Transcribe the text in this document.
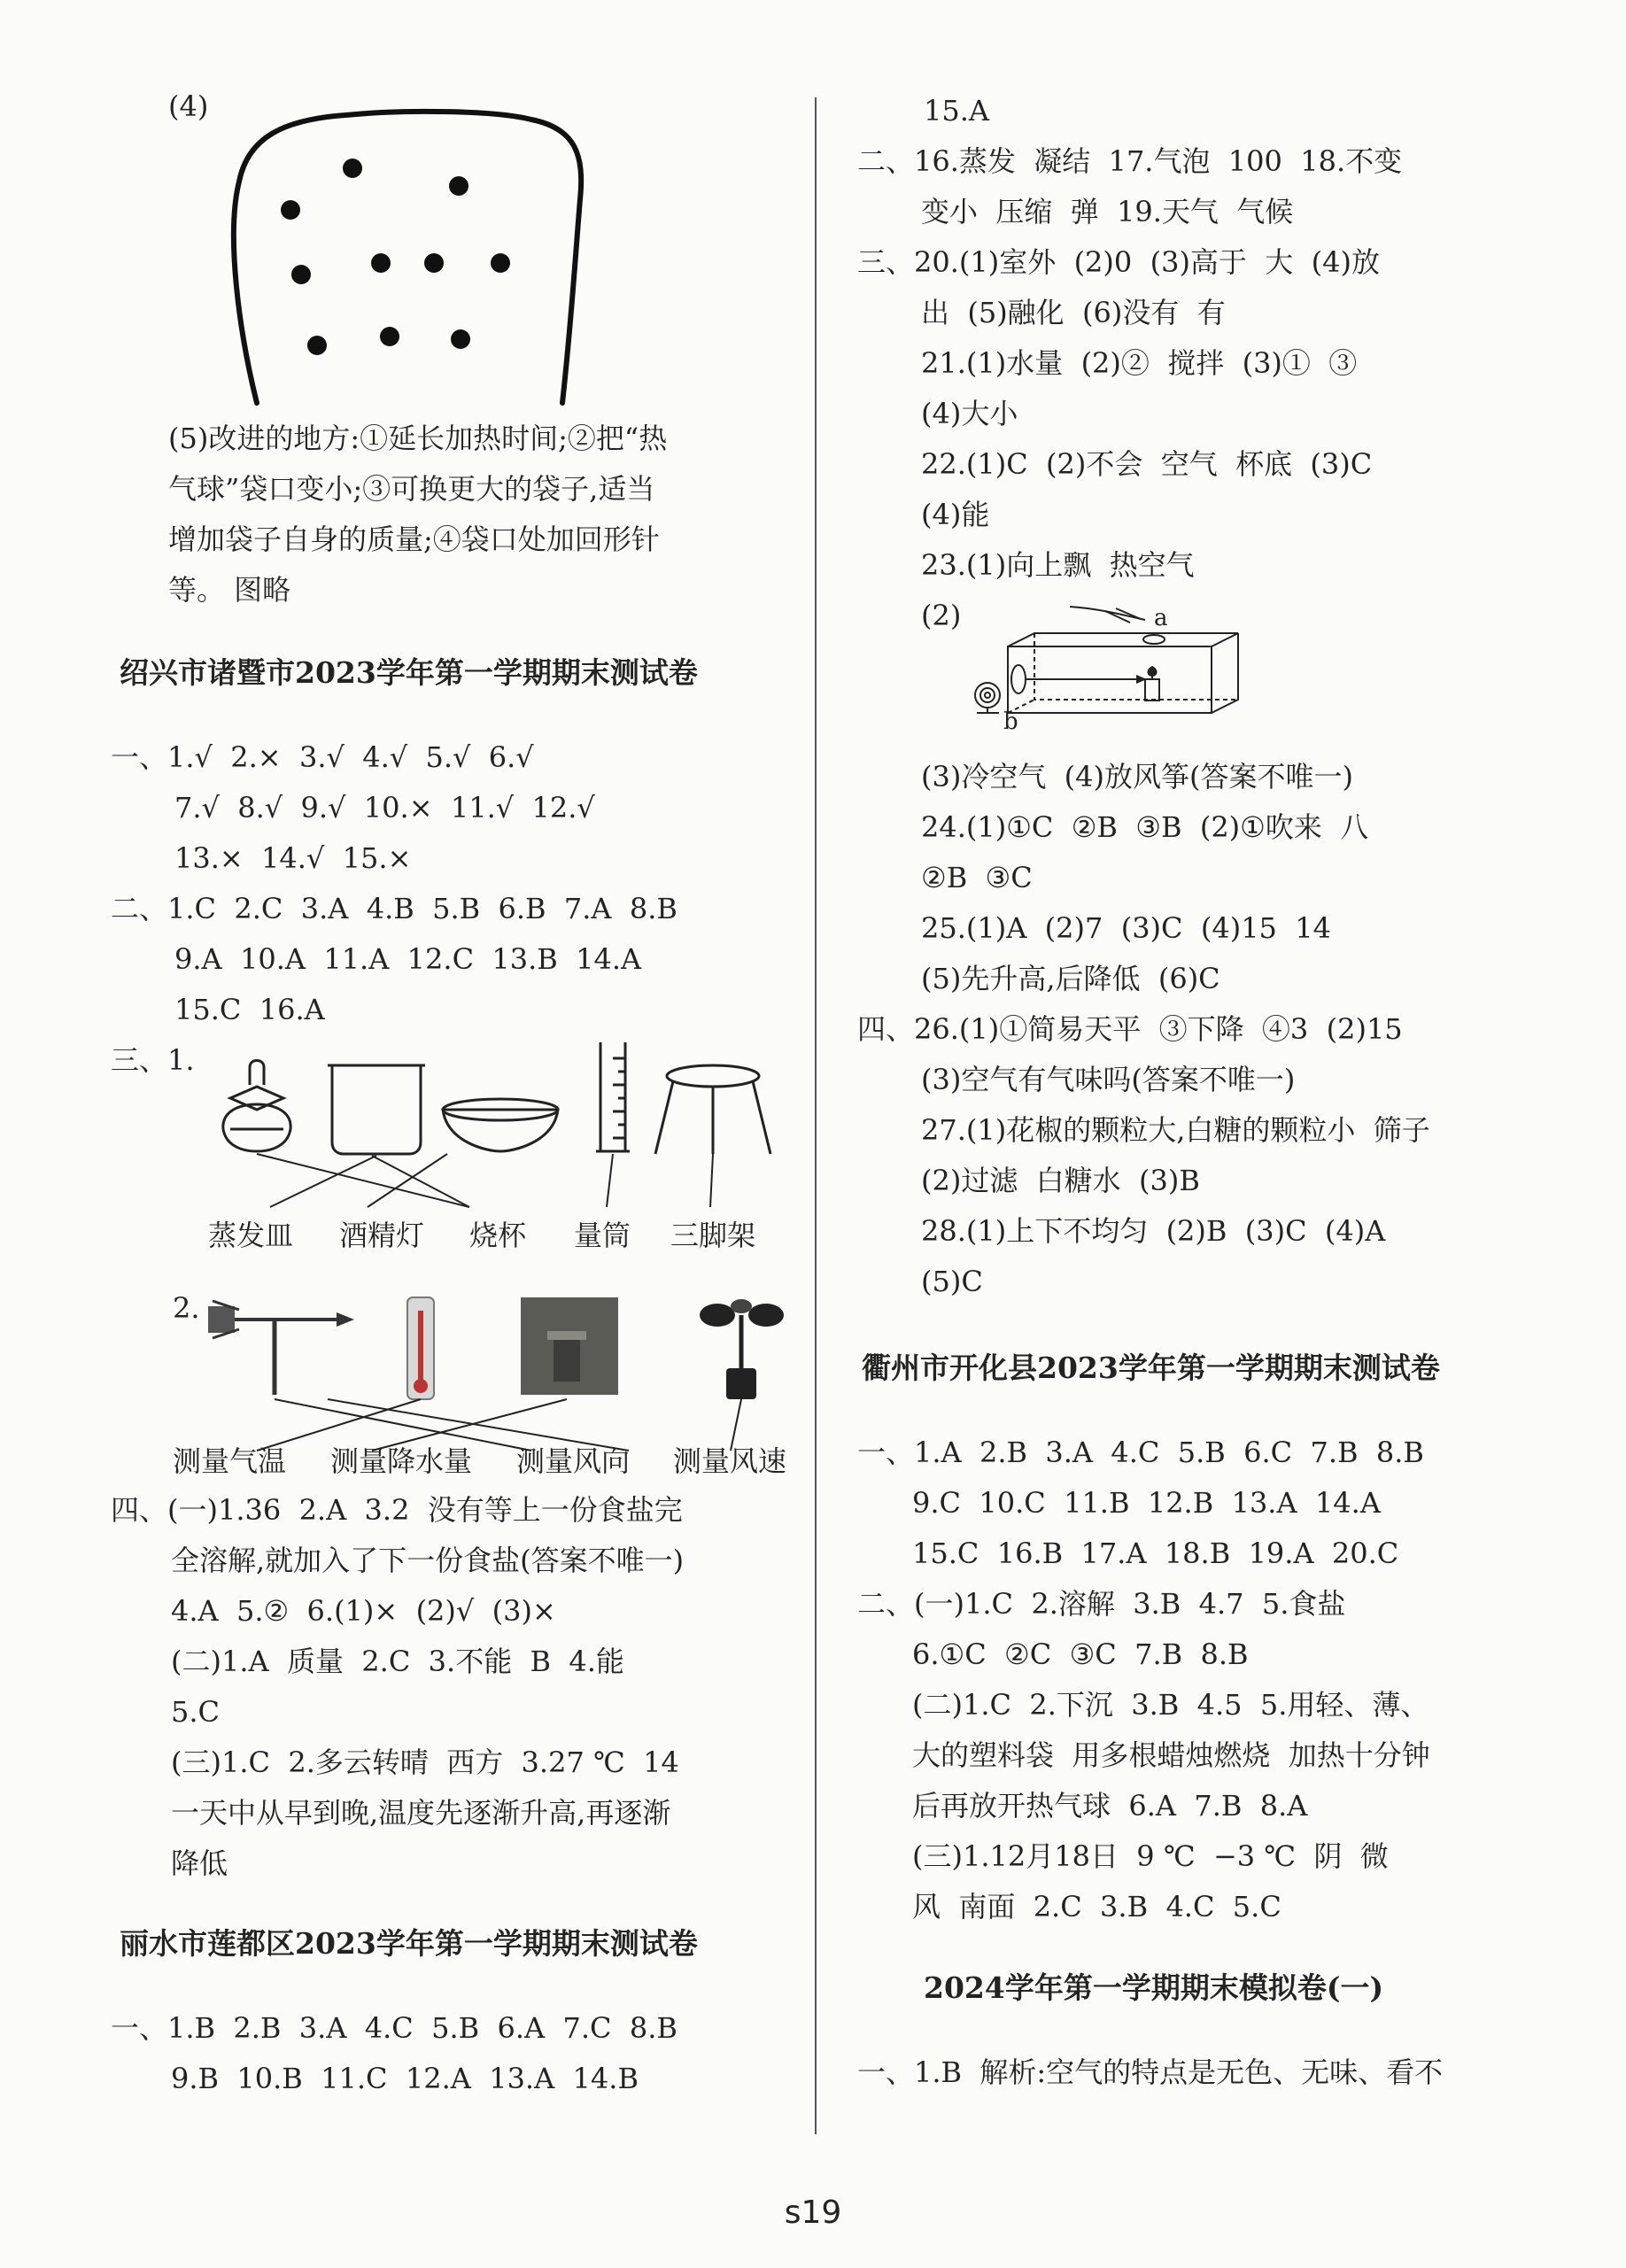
(4)
(5)改进的地方:①延长加热时间;②把“热
气球”袋口变小;③可换更大的袋子,适当
增加袋子自身的质量;④袋口处加回形针
等。 图略
绍兴市诸暨市2023学年第一学期期末测试卷
一、1.√  2.×  3.√  4.√  5.√  6.√
7.√  8.√  9.√  10.×  11.√  12.√
13.×  14.√  15.×
二、1.C  2.C  3.A  4.B  5.B  6.B  7.A  8.B
9.A  10.A  11.A  12.C  13.B  14.A
15.C  16.A
三、1.
蒸发皿 酒精灯 烧杯 量筒 三脚架
2.
测量气温 测量降水量 测量风向 测量风速
四、(一)1.36  2.A  3.2  没有等上一份食盐完
全溶解,就加入了下一份食盐(答案不唯一)
4.A  5.②  6.(1)×  (2)√  (3)×
(二)1.A  质量  2.C  3.不能  B  4.能
5.C
(三)1.C  2.多云转晴  西方  3.27 ℃  14
一天中从早到晚,温度先逐渐升高,再逐渐
降低
丽水市莲都区2023学年第一学期期末测试卷
一、1.B  2.B  3.A  4.C  5.B  6.A  7.C  8.B
9.B  10.B  11.C  12.A  13.A  14.B
15.A
二、16.蒸发  凝结  17.气泡  100  18.不变
变小  压缩  弹  19.天气  气候
三、20.(1)室外  (2)0  (3)高于  大  (4)放
出  (5)融化  (6)没有  有
21.(1)水量  (2)②  搅拌  (3)①  ③
(4)大小
22.(1)C  (2)不会  空气  杯底  (3)C
(4)能
23.(1)向上飘  热空气
(2)	a
b
(3)冷空气  (4)放风筝(答案不唯一)
24.(1)①C  ②B  ③B  (2)①吹来  八
②B  ③C
25.(1)A  (2)7  (3)C  (4)15  14
(5)先升高,后降低  (6)C
四、26.(1)①简易天平  ③下降  ④3  (2)15
(3)空气有气味吗(答案不唯一)
27.(1)花椒的颗粒大,白糖的颗粒小  筛子
(2)过滤  白糖水  (3)B
28.(1)上下不均匀  (2)B  (3)C  (4)A
(5)C
衢州市开化县2023学年第一学期期末测试卷
一、1.A  2.B  3.A  4.C  5.B  6.C  7.B  8.B
9.C  10.C  11.B  12.B  13.A  14.A
15.C  16.B  17.A  18.B  19.A  20.C
二、(一)1.C  2.溶解  3.B  4.7  5.食盐
6.①C  ②C  ③C  7.B  8.B
(二)1.C  2.下沉  3.B  4.5  5.用轻、薄、
大的塑料袋  用多根蜡烛燃烧  加热十分钟
后再放开热气球  6.A  7.B  8.A
(三)1.12月18日  9 ℃  −3 ℃  阴  微
风  南面  2.C  3.B  4.C  5.C
2024学年第一学期期末模拟卷(一)
一、1.B  解析:空气的特点是无色、无味、看不
s19
